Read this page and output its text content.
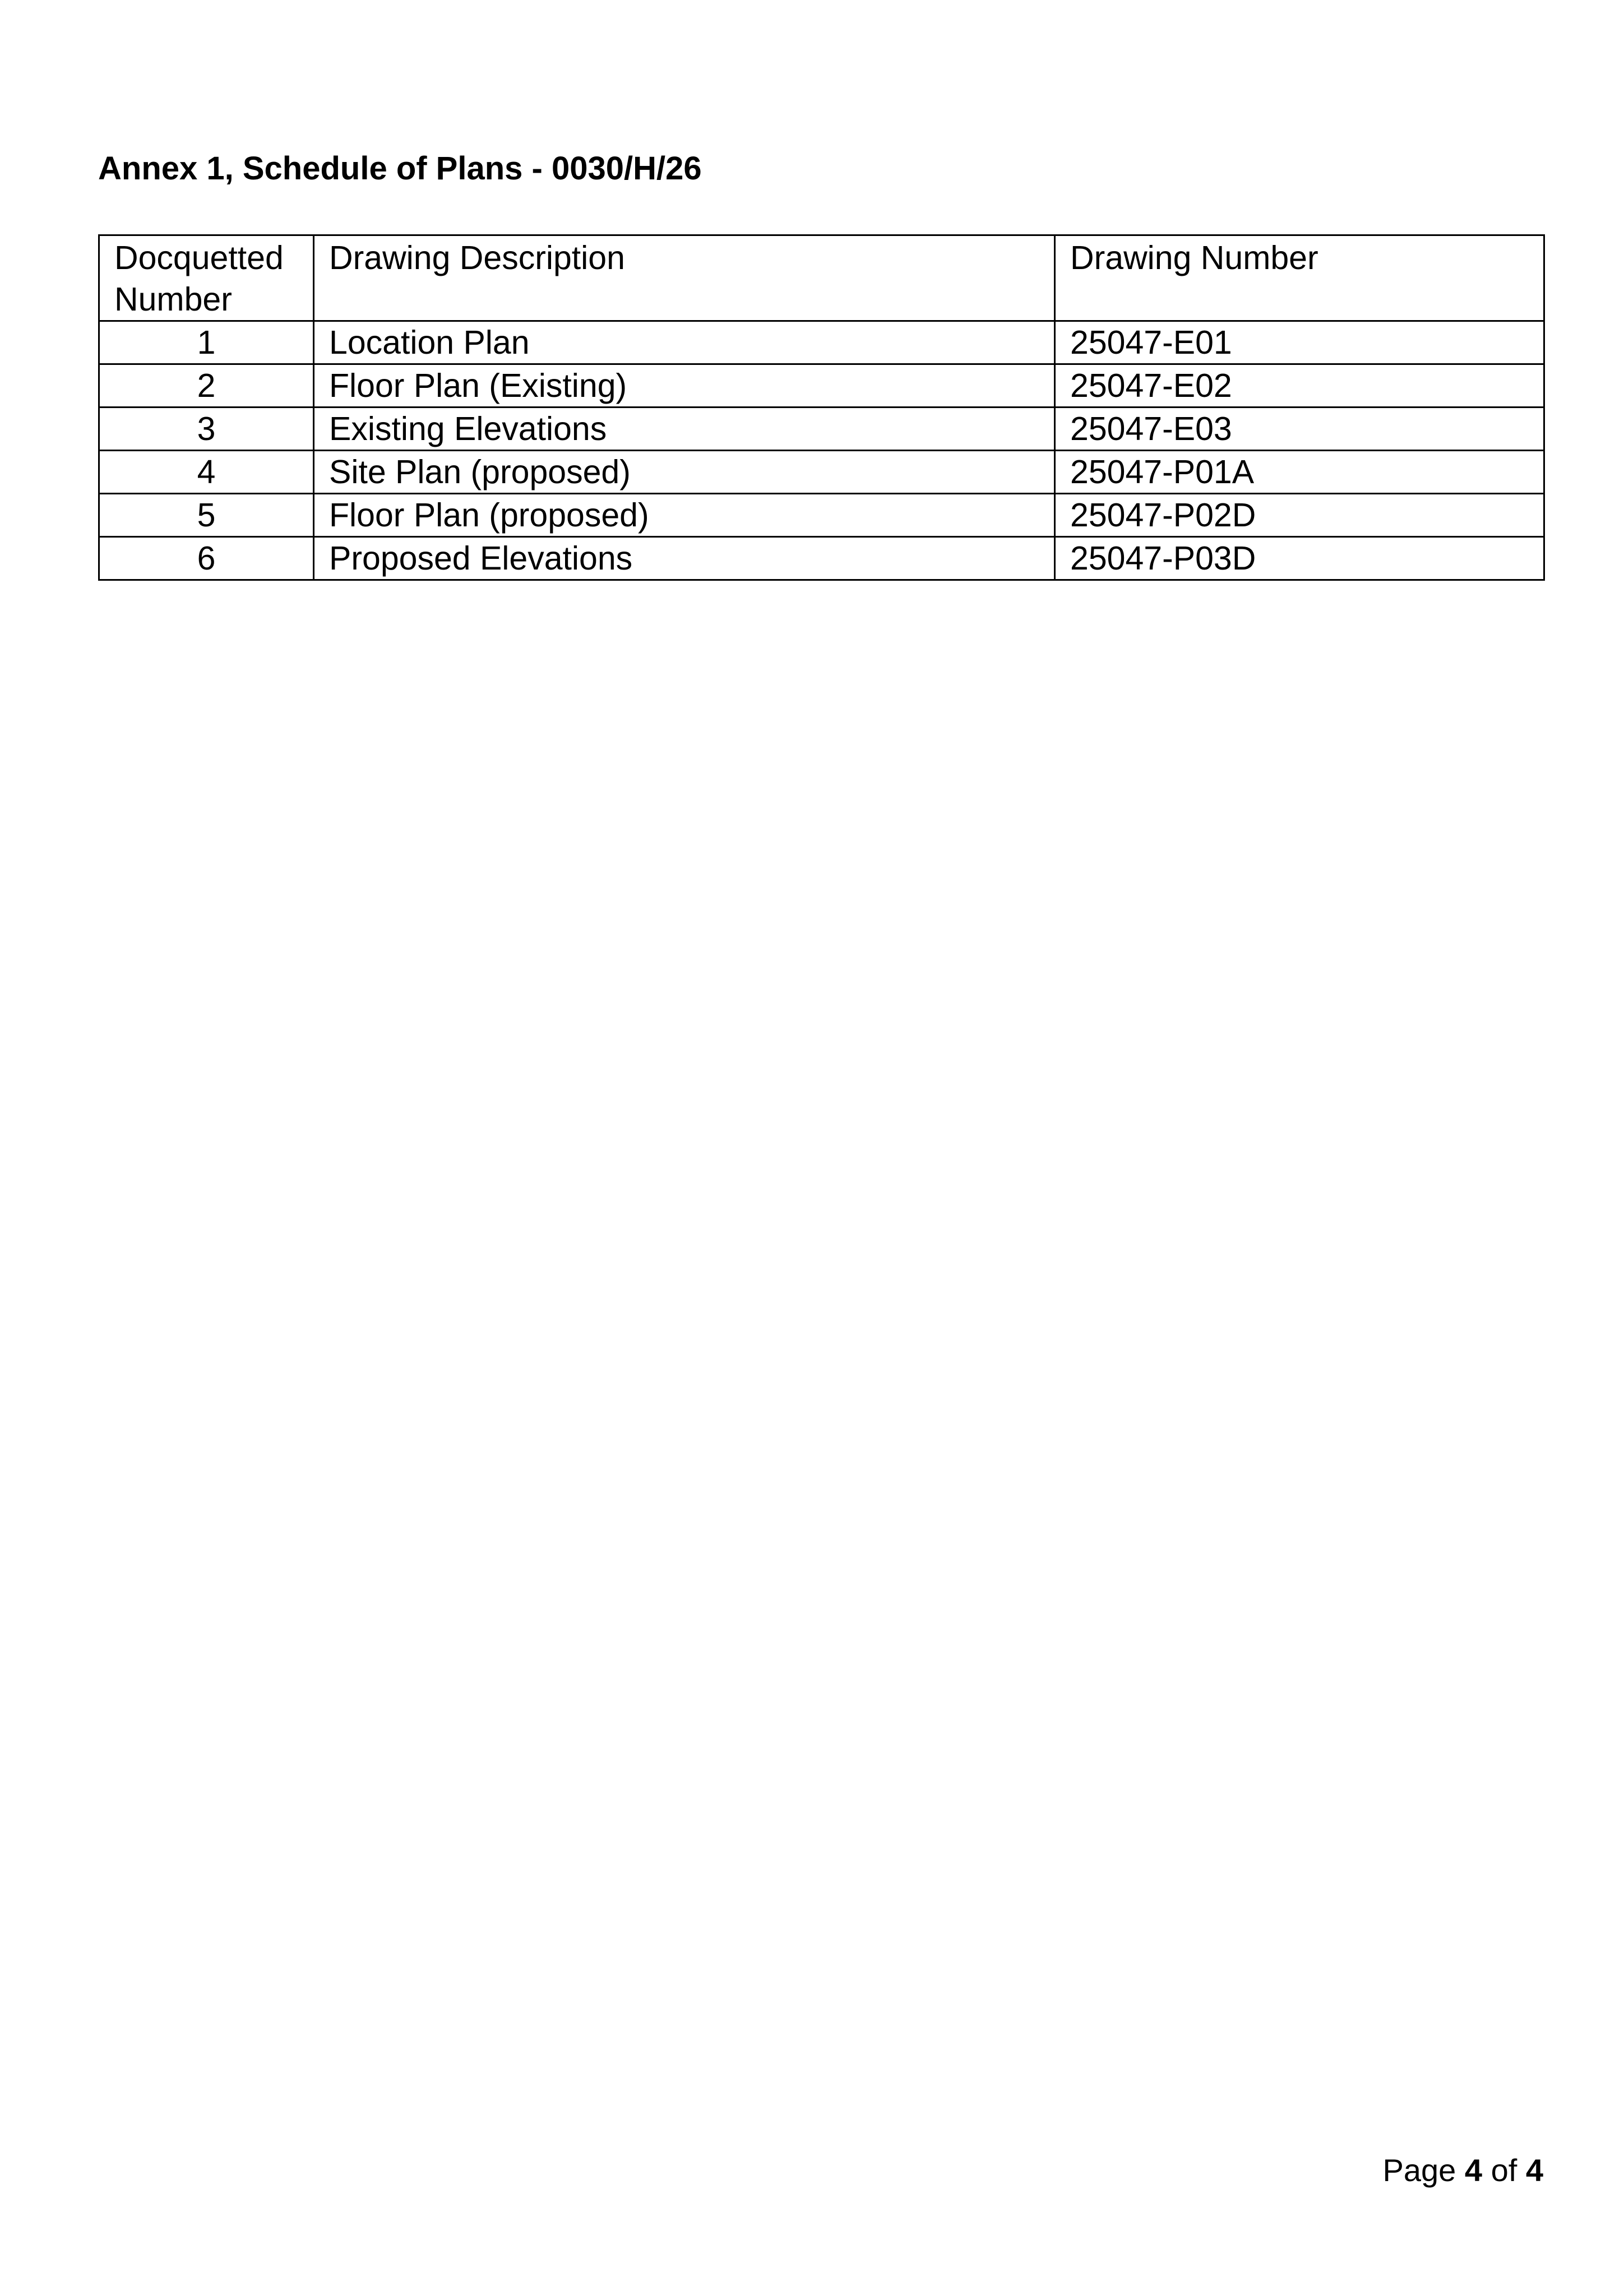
Annex 1, Schedule of Plans - 0030/H/26
Docquetted Number	Drawing Description	Drawing Number
1	Location Plan	25047-E01
2	Floor Plan (Existing)	25047-E02
3	Existing Elevations	25047-E03
4	Site Plan (proposed)	25047-P01A
5	Floor Plan (proposed)	25047-P02D
6	Proposed Elevations	25047-P03D
Page 4 of 4
